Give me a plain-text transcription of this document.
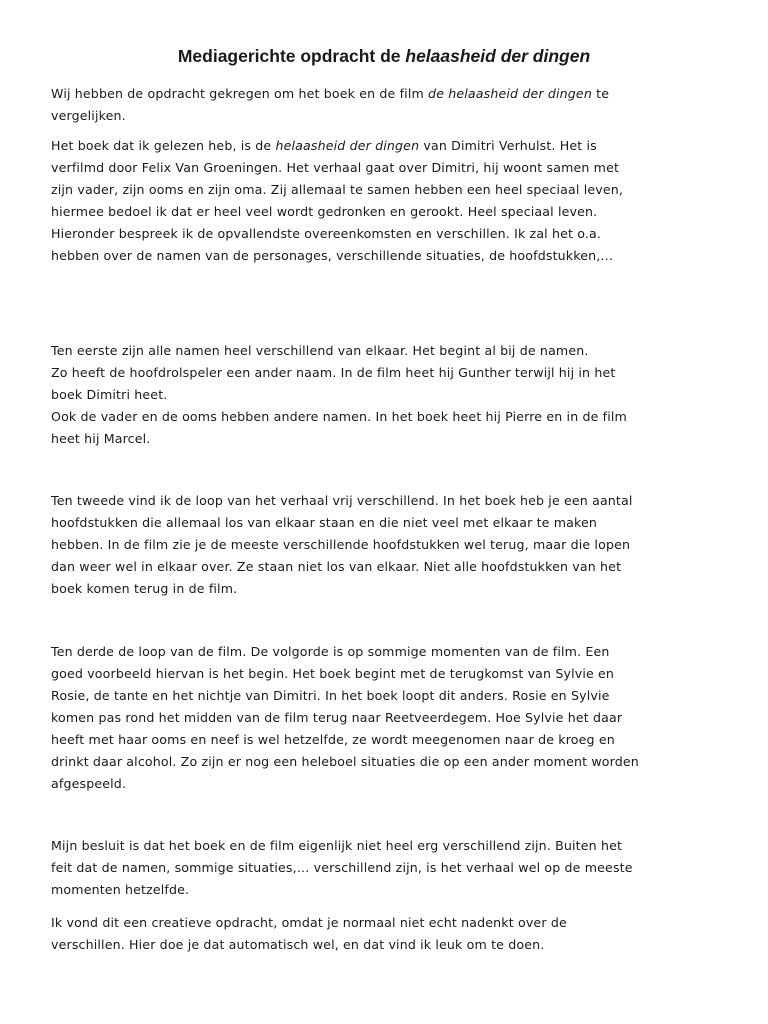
Mediagerichte opdracht de helaasheid der dingen

Wij hebben de opdracht gekregen om het boek en de film de helaasheid der dingen te vergelijken.

Het boek dat ik gelezen heb, is de helaasheid der dingen van Dimitri Verhulst. Het is verfilmd door Felix Van Groeningen. Het verhaal gaat over Dimitri, hij woont samen met zijn vader, zijn ooms en zijn oma. Zij allemaal te samen hebben een heel speciaal leven, hiermee bedoel ik dat er heel veel wordt gedronken en gerookt. Heel speciaal leven. Hieronder bespreek ik de opvallendste overeenkomsten en verschillen. Ik zal het o.a. hebben over de namen van de personages, verschillende situaties, de hoofdstukken,…

Ten eerste zijn alle namen heel verschillend van elkaar. Het begint al bij de namen.

Zo heeft de hoofdrolspeler een ander naam. In de film heet hij Gunther terwijl hij in het boek Dimitri heet.

Ook de vader en de ooms hebben andere namen. In het boek heet hij Pierre en in de film heet hij Marcel.

Ten tweede vind ik de loop van het verhaal vrij verschillend. In het boek heb je een aantal hoofdstukken die allemaal los van elkaar staan en die niet veel met elkaar te maken hebben. In de film zie je de meeste verschillende hoofdstukken wel terug, maar die lopen dan weer wel in elkaar over. Ze staan niet los van elkaar. Niet alle hoofdstukken van het boek komen terug in de film.

Ten derde de loop van de film. De volgorde is op sommige momenten van de film. Een goed voorbeeld hiervan is het begin. Het boek begint met de terugkomst van Sylvie en Rosie, de tante en het nichtje van Dimitri. In het boek loopt dit anders. Rosie en Sylvie komen pas rond het midden van de film terug naar Reetveerdegem. Hoe Sylvie het daar heeft met haar ooms en neef is wel hetzelfde, ze wordt meegenomen naar de kroeg en drinkt daar alcohol. Zo zijn er nog een heleboel situaties die op een ander moment worden afgespeeld.

Mijn besluit is dat het boek en de film eigenlijk niet heel erg verschillend zijn. Buiten het feit dat de namen, sommige situaties,… verschillend zijn, is het verhaal wel op de meeste momenten hetzelfde.

Ik vond dit een creatieve opdracht, omdat je normaal niet echt nadenkt over de verschillen. Hier doe je dat automatisch wel, en dat vind ik leuk om te doen.
